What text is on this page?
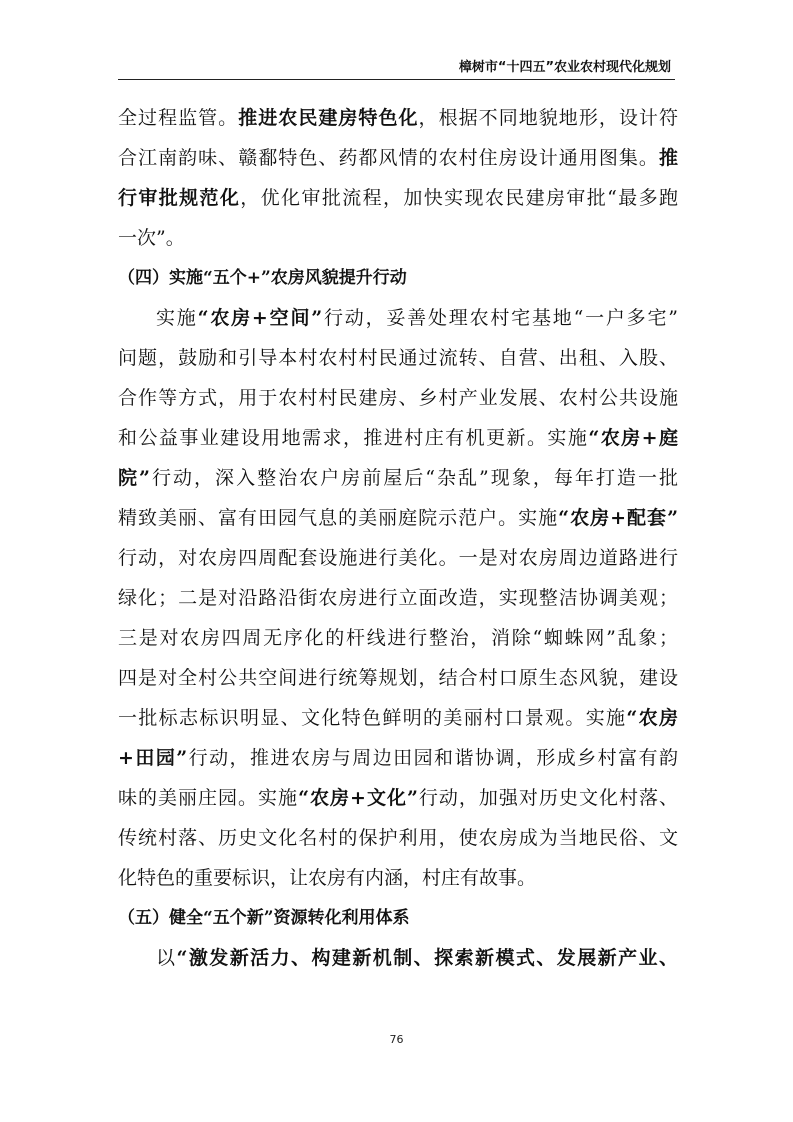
樟树市“十四五”农业农村现代化规划
全过程监管。推进农民建房特色化，根据不同地貌地形，设计符
合江南韵味、赣鄱特色、药都风情的农村住房设计通用图集。推
行审批规范化，优化审批流程，加快实现农民建房审批“最多跑
一次”。
（四）实施“五个+”农房风貌提升行动
实施“农房+空间”行动，妥善处理农村宅基地“一户多宅”
问题，鼓励和引导本村农村村民通过流转、自营、出租、入股、
合作等方式，用于农村村民建房、乡村产业发展、农村公共设施
和公益事业建设用地需求，推进村庄有机更新。实施“农房+庭
院”行动，深入整治农户房前屋后“杂乱”现象，每年打造一批
精致美丽、富有田园气息的美丽庭院示范户。实施“农房+配套”
行动，对农房四周配套设施进行美化。一是对农房周边道路进行
绿化；二是对沿路沿街农房进行立面改造，实现整洁协调美观；
三是对农房四周无序化的杆线进行整治，消除“蜘蛛网”乱象；
四是对全村公共空间进行统筹规划，结合村口原生态风貌，建设
一批标志标识明显、文化特色鲜明的美丽村口景观。实施“农房
+田园”行动，推进农房与周边田园和谐协调，形成乡村富有韵
味的美丽庄园。实施“农房+文化”行动，加强对历史文化村落、
传统村落、历史文化名村的保护利用，使农房成为当地民俗、文
化特色的重要标识，让农房有内涵，村庄有故事。
（五）健全“五个新”资源转化利用体系
以“激发新活力、构建新机制、探索新模式、发展新产业、
76
